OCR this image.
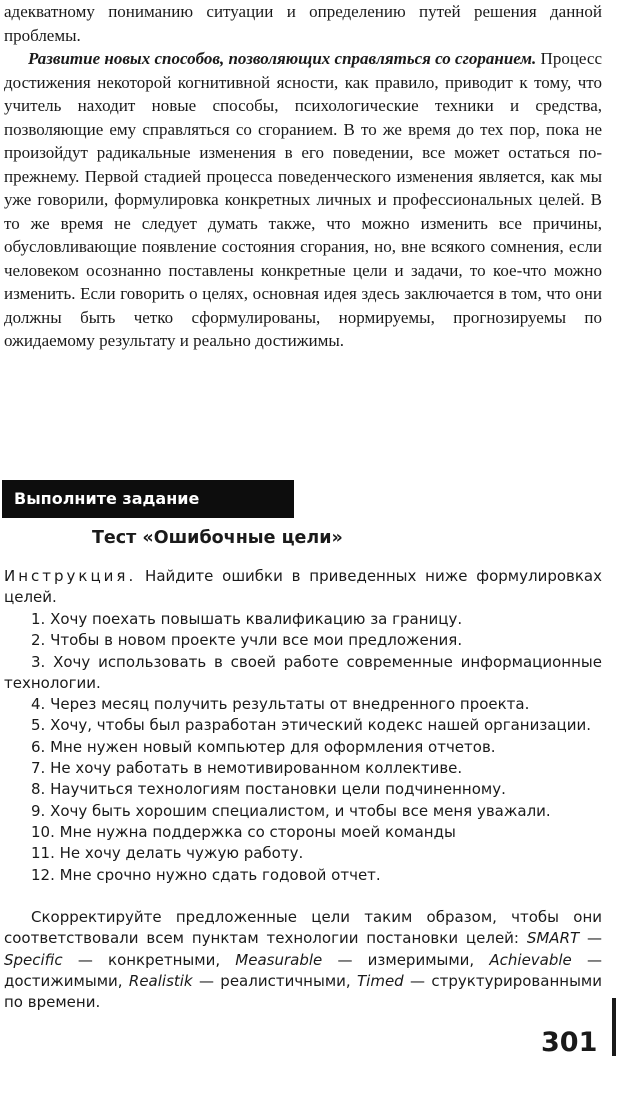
адекватному пониманию ситуации и определению путей решения данной проблемы.

Развитие новых способов, позволяющих справляться со сгоранием. Процесс достижения некоторой когнитивной ясности, как правило, приводит к тому, что учитель находит новые способы, психологические техники и средства, позволяющие ему справляться со сгоранием. В то же время до тех пор, пока не произойдут радикальные изменения в его поведении, все может остаться по-прежнему. Первой стадией процесса поведенческого изменения является, как мы уже говорили, формулировка конкретных личных и профессиональных целей. В то же время не следует думать также, что можно изменить все причины, обусловливающие появление состояния сгорания, но, вне всякого сомнения, если человеком осознанно поставлены конкретные цели и задачи, то кое-что можно изменить. Если говорить о целях, основная идея здесь заключается в том, что они должны быть четко сформулированы, нормируемы, прогнозируемы по ожидаемому результату и реально достижимы.

Выполните задание
Тест «Ошибочные цели»

Инструкция. Найдите ошибки в приведенных ниже формулировках целей.

1. Хочу поехать повышать квалификацию за границу.

2. Чтобы в новом проекте учли все мои предложения.

3. Хочу использовать в своей работе современные информационные технологии.

4. Через месяц получить результаты от внедренного проекта.

5. Хочу, чтобы был разработан этический кодекс нашей организации.

6. Мне нужен новый компьютер для оформления отчетов.

7. Не хочу работать в немотивированном коллективе.

8. Научиться технологиям постановки цели подчиненному.

9. Хочу быть хорошим специалистом, и чтобы все меня уважали.

10. Мне нужна поддержка со стороны моей команды

11. Не хочу делать чужую работу.

12. Мне срочно нужно сдать годовой отчет.

Скорректируйте предложенные цели таким образом, чтобы они соответствовали всем пунктам технологии постановки целей: SMART — Specific — конкретными, Measurable — измеримыми, Achievable — достижимыми, Realistik — реалистичными, Timed — структурированными по времени.

301
